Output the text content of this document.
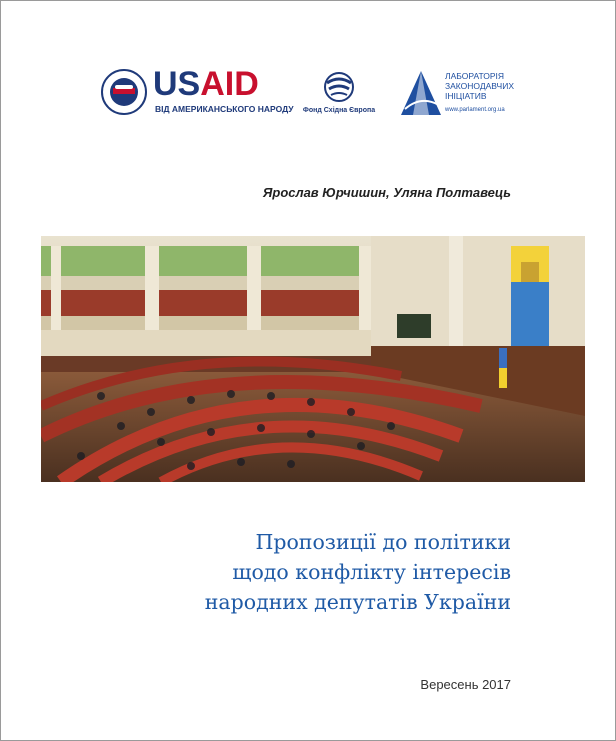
USAID
ВІД АМЕРИКАНСЬКОГО НАРОДУ	Фонд Східна Європа
ЛАБОРАТОРІЯ
ЗАКОНОДАВЧИХ
ІНІЦІАТИВ
www.parlament.org.ua
Ярослав Юрчишин, Уляна Полтавець
Пропозиції до політики
щодо конфлікту інтересів
народних депутатів України
Вересень 2017
